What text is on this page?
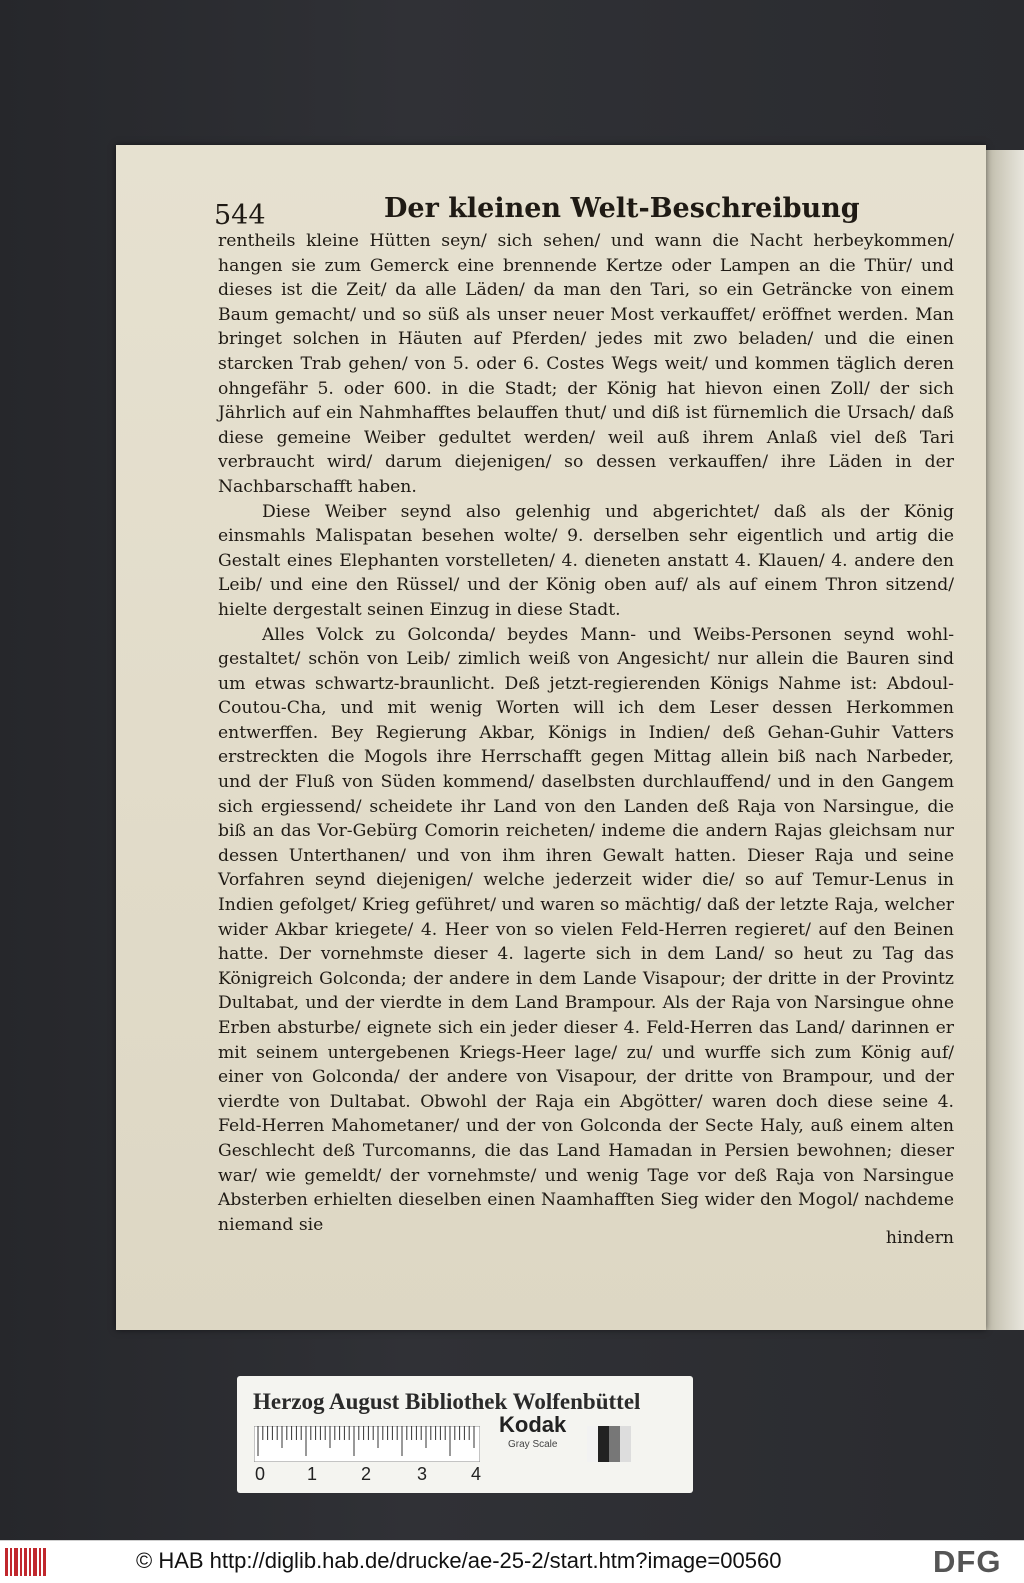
544	Der kleinen Welt-Beschreibung

rentheils kleine Hütten seyn/ sich sehen/ und wann die Nacht herbeykommen/ hangen sie zum Gemerck eine brennende Kertze oder Lampen an die Thür/ und dieses ist die Zeit/ da alle Läden/ da man den Tari, so ein Geträncke von einem Baum gemacht/ und so süß als unser neuer Most verkauffet/ eröffnet werden. Man bringet solchen in Häuten auf Pferden/ jedes mit zwo beladen/ und die einen starcken Trab gehen/ von 5. oder 6. Costes Wegs weit/ und kommen täglich deren ohngefähr 5. oder 600. in die Stadt; der König hat hievon einen Zoll/ der sich Jährlich auf ein Nahmhafftes belauffen thut/ und diß ist fürnemlich die Ursach/ daß diese gemeine Weiber gedultet werden/ weil auß ihrem Anlaß viel deß Tari verbraucht wird/ darum diejenigen/ so dessen verkauffen/ ihre Läden in der Nachbarschafft haben.

Diese Weiber seynd also gelenhig und abgerichtet/ daß als der König einsmahls Malispatan besehen wolte/ 9. derselben sehr eigentlich und artig die Gestalt eines Elephanten vorstelleten/ 4. dieneten anstatt 4. Klauen/ 4. andere den Leib/ und eine den Rüssel/ und der König oben auf/ als auf einem Thron sitzend/ hielte dergestalt seinen Einzug in diese Stadt.

Alles Volck zu Golconda/ beydes Mann- und Weibs-Personen seynd wohl-gestaltet/ schön von Leib/ zimlich weiß von Angesicht/ nur allein die Bauren sind um etwas schwartz-braunlicht. Deß jetzt-regierenden Königs Nahme ist: Abdoul-Coutou-Cha, und mit wenig Worten will ich dem Leser dessen Herkommen entwerffen. Bey Regierung Akbar, Königs in Indien/ deß Gehan-Guhir Vatters erstreckten die Mogols ihre Herrschafft gegen Mittag allein biß nach Narbeder, und der Fluß von Süden kommend/ daselbsten durchlauffend/ und in den Gangem sich ergiessend/ scheidete ihr Land von den Landen deß Raja von Narsingue, die biß an das Vor-Gebürg Comorin reicheten/ indeme die andern Rajas gleichsam nur dessen Unterthanen/ und von ihm ihren Gewalt hatten. Dieser Raja und seine Vorfahren seynd diejenigen/ welche jederzeit wider die/ so auf Temur-Lenus in Indien gefolget/ Krieg geführet/ und waren so mächtig/ daß der letzte Raja, welcher wider Akbar kriegete/ 4. Heer von so vielen Feld-Herren regieret/ auf den Beinen hatte. Der vornehmste dieser 4. lagerte sich in dem Land/ so heut zu Tag das Königreich Golconda; der andere in dem Lande Visapour; der dritte in der Provintz Dultabat, und der vierdte in dem Land Brampour. Als der Raja von Narsingue ohne Erben absturbe/ eignete sich ein jeder dieser 4. Feld-Herren das Land/ darinnen er mit seinem untergebenen Kriegs-Heer lage/ zu/ und wurffe sich zum König auf/ einer von Golconda/ der andere von Visapour, der dritte von Brampour, und der vierdte von Dultabat. Obwohl der Raja ein Abgötter/ waren doch diese seine 4. Feld-Herren Mahometaner/ und der von Golconda der Secte Haly, auß einem alten Geschlecht deß Turcomanns, die das Land Hamadan in Persien bewohnen; dieser war/ wie gemeldt/ der vornehmste/ und wenig Tage vor deß Raja von Narsingue Absterben erhielten dieselben einen Naamhafften Sieg wider den Mogol/ nachdeme niemand sie

hindern
Herzog August Bibliothek Wolfenbüttel
0 1 2	3 4
Kodak
Gray Scale
© HAB http://diglib.hab.de/drucke/ae-25-2/start.htm?image=00560	DFG
